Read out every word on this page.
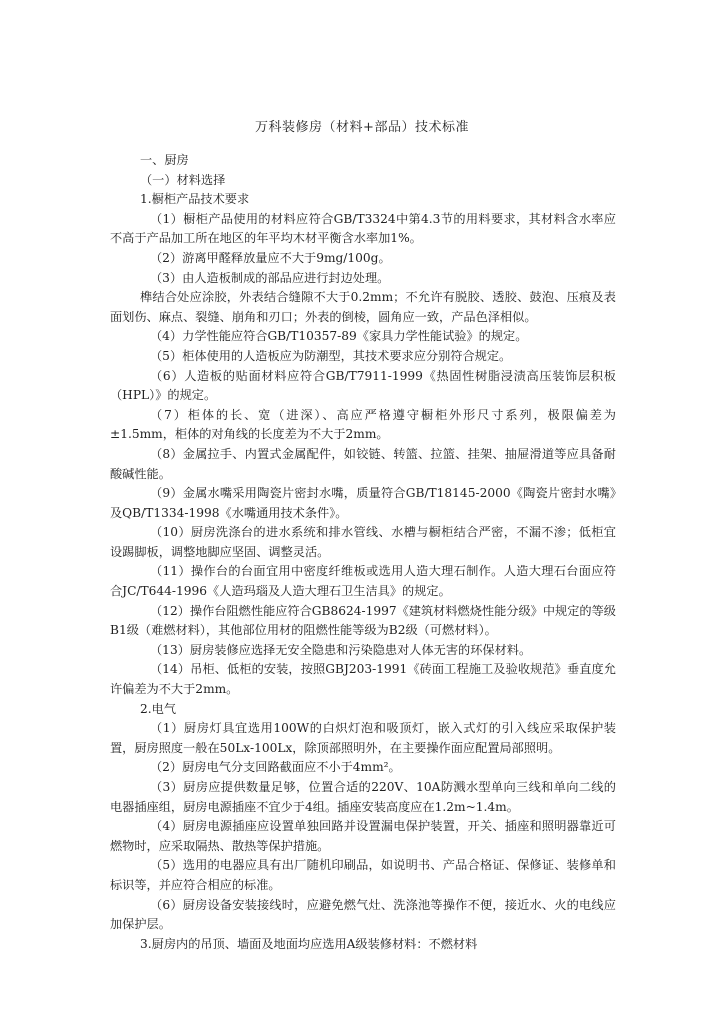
万科装修房（材料+部品）技术标准

一、厨房

（一）材料选择

1.橱柜产品技术要求

（1）橱柜产品使用的材料应符合GB/T3324中第4.3节的用料要求，其材料含水率应不高于产品加工所在地区的年平均木材平衡含水率加1%。

（2）游离甲醛释放量应不大于9mg/100g。

（3）由人造板制成的部品应进行封边处理。

榫结合处应涂胶，外表结合缝隙不大于0.2mm；不允许有脱胶、透胶、鼓泡、压痕及表面划伤、麻点、裂缝、崩角和刃口；外表的倒棱，圆角应一致，产品色泽相似。

（4）力学性能应符合GB/T10357-89《家具力学性能试验》的规定。

（5）柜体使用的人造板应为防潮型，其技术要求应分别符合规定。

（6）人造板的贴面材料应符合GB/T7911-1999《热固性树脂浸渍高压装饰层积板（HPL）》的规定。

（7）柜体的长、宽（进深）、高应严格遵守橱柜外形尺寸系列，极限偏差为±1.5mm，柜体的对角线的长度差为不大于2mm。

（8）金属拉手、内置式金属配件，如铰链、转篮、拉篮、挂架、抽屉滑道等应具备耐酸碱性能。

（9）金属水嘴采用陶瓷片密封水嘴，质量符合GB/T18145-2000《陶瓷片密封水嘴》及QB/T1334-1998《水嘴通用技术条件》。

（10）厨房洗涤台的进水系统和排水管线、水槽与橱柜结合严密，不漏不渗；低柜宜设踢脚板，调整地脚应坚固、调整灵活。

（11）操作台的台面宜用中密度纤维板或选用人造大理石制作。人造大理石台面应符合JC/T644-1996《人造玛瑙及人造大理石卫生洁具》的规定。

（12）操作台阻燃性能应符合GB8624-1997《建筑材料燃烧性能分级》中规定的等级B1级（难燃材料），其他部位用材的阻燃性能等级为B2级（可燃材料）。

（13）厨房装修应选择无安全隐患和污染隐患对人体无害的环保材料。

（14）吊柜、低柜的安装，按照GBJ203-1991《砖面工程施工及验收规范》垂直度允许偏差为不大于2mm。

2.电气

（1）厨房灯具宜选用100W的白炽灯泡和吸顶灯，嵌入式灯的引入线应采取保护装置，厨房照度一般在50Lx-100Lx，除顶部照明外，在主要操作面应配置局部照明。

（2）厨房电气分支回路截面应不小于4mm²。

（3）厨房应提供数量足够，位置合适的220V、10A防溅水型单向三线和单向二线的电器插座组，厨房电源插座不宜少于4组。插座安装高度应在1.2m~1.4m。

（4）厨房电源插座应设置单独回路并设置漏电保护装置，开关、插座和照明器靠近可燃物时，应采取隔热、散热等保护措施。

（5）选用的电器应具有出厂随机印刷品，如说明书、产品合格证、保修证、装修单和标识等，并应符合相应的标准。

（6）厨房设备安装接线时，应避免燃气灶、洗涤池等操作不便，接近水、火的电线应加保护层。

3.厨房内的吊顶、墙面及地面均应选用A级装修材料：不燃材料
